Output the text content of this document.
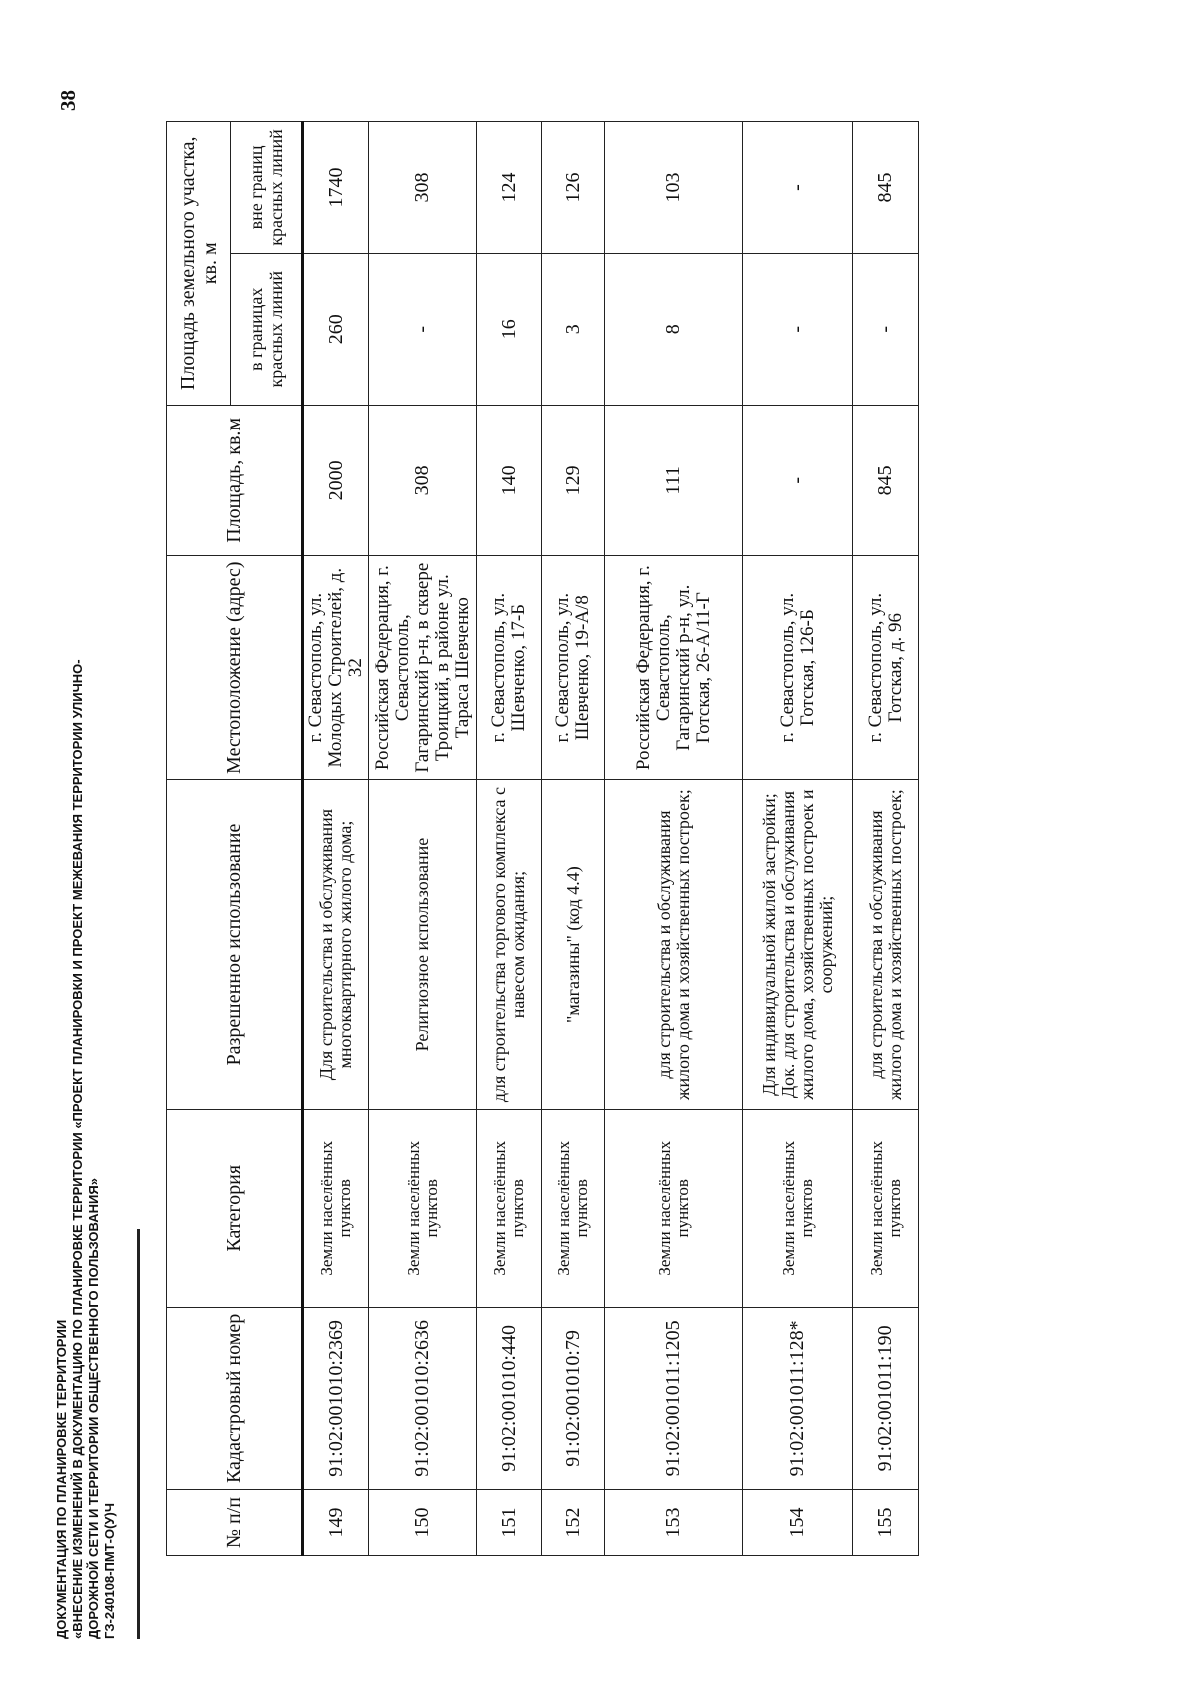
38
ДОКУМЕНТАЦИЯ ПО ПЛАНИРОВКЕ ТЕРРИТОРИИ «ВНЕСЕНИЕ ИЗМЕНЕНИЙ В ДОКУМЕНТАЦИЮ ПО ПЛАНИРОВКЕ ТЕРРИТОРИИ «ПРОЕКТ ПЛАНИРОВКИ И ПРОЕКТ МЕЖЕВАНИЯ ТЕРРИТОРИИ УЛИЧНО- ДОРОЖНОЙ СЕТИ И ТЕРРИТОРИИ ОБЩЕСТВЕННОГО ПОЛЬЗОВАНИЯ» ГЗ-240108-ПМТ-О(У)Ч	№ п/п	Кадастровый номер	Категория	Разрешенное использование	Местоположение (адрес)	Площадь, кв.м	Площадь земельного участка, кв. м	
						в границах красных линий	вне границ красных линий
149	91:02:001010:2369	Земли населённых пунктов	Для строительства и обслуживания многоквартирного жилого дома;	г. Севастополь, ул. Молодых Строителей, д. 32	2000	260	1740
150	91:02:001010:2636	Земли населённых пунктов	Религиозное использование	Российская Федерация, г. Севастополь, Гагаринский р-н, в сквере Троицкий, в районе ул. Тараса Шевченко	308	-	308
151	91:02:001010:440	Земли населённых пунктов	для строительства торгового комплекса с навесом ожидания;	г. Севастополь, ул. Шевченко, 17-Б	140	16	124
152	91:02:001010:79	Земли населённых пунктов	"магазины" (код 4.4)	г. Севастополь, ул. Шевченко, 19-А/8	129	3	126
153	91:02:001011:1205	Земли населённых пунктов	для строительства и обслуживания жилого дома и хозяйственных построек;	Российская Федерация, г. Севастополь, Гагаринский р-н, ул. Готская, 26-А/11-Г	111	8	103
154	91:02:001011:128*	Земли населённых пунктов	Для индивидуальной жилой застройки; Док. для строительства и обслуживания жилого дома, хозяйственных построек и сооружений;	г. Севастополь, ул. Готская, 126-Б	-	-	-
155	91:02:001011:190	Земли населённых пунктов	для строительства и обслуживания жилого дома и хозяйственных построек;	г. Севастополь, ул. Готская, д. 96	845	-	845
